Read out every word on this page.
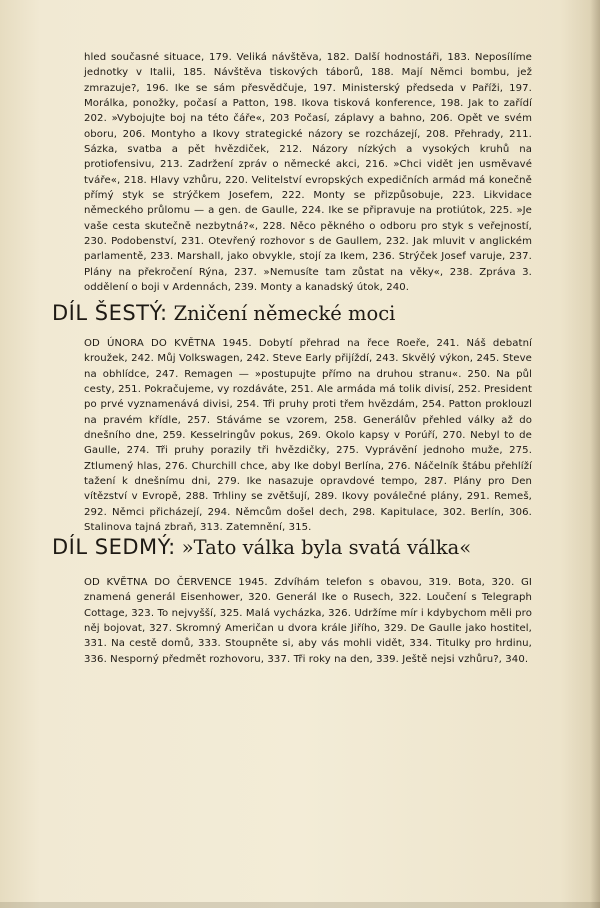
hled současné situace, 179. Veliká návštěva, 182. Další hodnostáři, 183. Neposílíme jednotky v Italii, 185. Návštěva tiskových táborů, 188. Mají Němci bombu, jež zmrazuje?, 196. Ike se sám přesvědčuje, 197. Ministerský předseda v Paříži, 197. Morálka, ponožky, počasí a Patton, 198. Ikova tisková konference, 198. Jak to zařídí 202. »Vybojujte boj na této čáře«, 203 Počasí, záplavy a bahno, 206. Opět ve svém oboru, 206. Montyho a Ikovy strategické názory se rozcházejí, 208. Přehrady, 211. Sázka, svatba a pět hvězdiček, 212. Názory nízkých a vysokých kruhů na protiofensivu, 213. Zadržení zpráv o německé akci, 216. »Chci vidět jen usměvavé tváře«, 218. Hlavy vzhůru, 220. Velitelství evropských expedičních armád má konečně přímý styk se strýčkem Josefem, 222. Monty se přizpůsobuje, 223. Likvidace německého průlomu — a gen. de Gaulle, 224. Ike se připravuje na protiútok, 225. »Je vaše cesta skutečně nezbytná?«, 228. Něco pěkného o odboru pro styk s veřejností, 230. Podobenství, 231. Otevřený rozhovor s de Gaullem, 232. Jak mluvit v anglickém parlamentě, 233. Marshall, jako obvykle, stojí za Ikem, 236. Strýček Josef varuje, 237. Plány na překročení Rýna, 237. »Nemusíte tam zůstat na věky«, 238. Zpráva 3. oddělení o boji v Ardennách, 239. Monty a kanadský útok, 240.

DÍL ŠESTÝ: Zničení německé moci

OD ÚNORA DO KVĚTNA 1945. Dobytí přehrad na řece Roeře, 241. Náš debatní kroužek, 242. Můj Volkswagen, 242. Steve Early přijíždí, 243. Skvělý výkon, 245. Steve na obhlídce, 247. Remagen — »postupujte přímo na druhou stranu«. 250. Na půl cesty, 251. Pokračujeme, vy rozdáváte, 251. Ale armáda má tolik divisí, 252. President po prvé vyznamenává divisi, 254. Tři pruhy proti třem hvězdám, 254. Patton proklouzl na pravém křídle, 257. Stáváme se vzorem, 258. Generálův přehled války až do dnešního dne, 259. Kesselringův pokus, 269. Okolo kapsy v Porúří, 270. Nebyl to de Gaulle, 274. Tři pruhy porazily tři hvězdičky, 275. Vyprávění jednoho muže, 275. Ztlumený hlas, 276. Churchill chce, aby Ike dobyl Berlína, 276. Náčelník štábu přehlíží tažení k dnešnímu dni, 279. Ike nasazuje opravdové tempo, 287. Plány pro Den vítězství v Evropě, 288. Trhliny se zvětšují, 289. Ikovy poválečné plány, 291. Remeš, 292. Němci přicházejí, 294. Němcům došel dech, 298. Kapitulace, 302. Berlín, 306. Stalinova tajná zbraň, 313. Zatemnění, 315.

DÍL SEDMÝ: »Tato válka byla svatá válka«

OD KVĚTNA DO ČERVENCE 1945. Zdvíhám telefon s obavou, 319. Bota, 320. GI znamená generál Eisenhower, 320. Generál Ike o Rusech, 322. Loučení s Telegraph Cottage, 323. To nejvyšší, 325. Malá vycházka, 326. Udržíme mír i kdybychom měli pro něj bojovat, 327. Skromný Američan u dvora krále Jiřího, 329. De Gaulle jako hostitel, 331. Na cestě domů, 333. Stoupněte si, aby vás mohli vidět, 334. Titulky pro hrdinu, 336. Nesporný předmět rozhovoru, 337. Tři roky na den, 339. Ještě nejsi vzhůru?, 340.
